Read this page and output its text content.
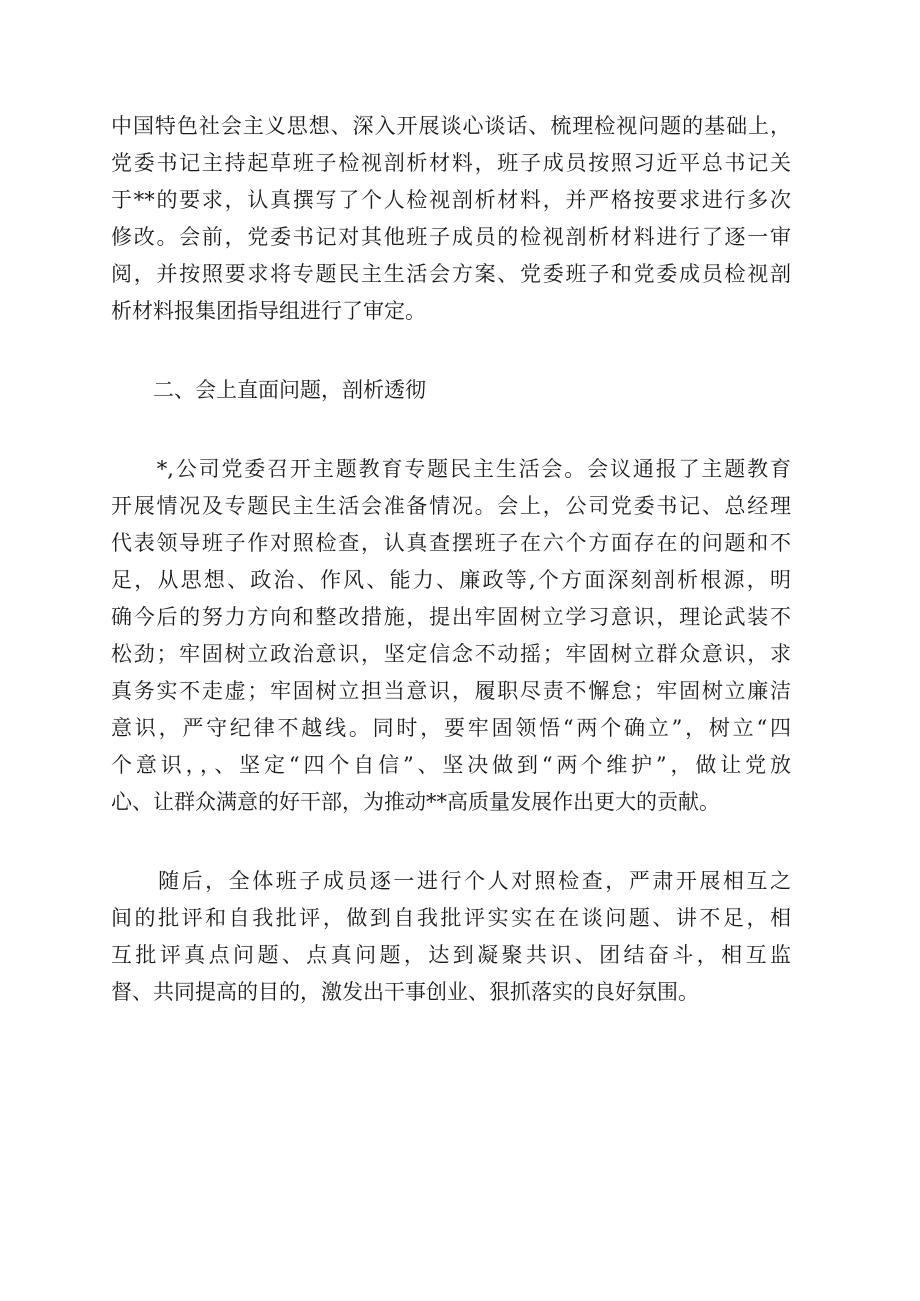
中国特色社会主义思想、深入开展谈心谈话、梳理检视问题的基础上，
党委书记主持起草班子检视剖析材料，班子成员按照习近平总书记关
于**的要求，认真撰写了个人检视剖析材料，并严格按要求进行多次
修改。会前，党委书记对其他班子成员的检视剖析材料进行了逐一审
阅，并按照要求将专题民主生活会方案、党委班子和党委成员检视剖
析材料报集团指导组进行了审定。
　　二、会上直面问题，剖析透彻
　　*,公司党委召开主题教育专题民主生活会。会议通报了主题教育
开展情况及专题民主生活会准备情况。会上，公司党委书记、总经理
代表领导班子作对照检查，认真查摆班子在六个方面存在的问题和不
足，从思想、政治、作风、能力、廉政等,个方面深刻剖析根源，明
确今后的努力方向和整改措施，提出牢固树立学习意识，理论武装不
松劲；牢固树立政治意识，坚定信念不动摇；牢固树立群众意识，求
真务实不走虚；牢固树立担当意识，履职尽责不懈怠；牢固树立廉洁
意识，严守纪律不越线。同时，要牢固领悟“两个确立”，树立“四
个意识，，、坚定“四个自信”、坚决做到“两个维护”，做让党放
心、让群众满意的好干部，为推动**高质量发展作出更大的贡献。
　　随后，全体班子成员逐一进行个人对照检查，严肃开展相互之
间的批评和自我批评，做到自我批评实实在在谈问题、讲不足，相
互批评真点问题、点真问题，达到凝聚共识、团结奋斗，相互监
督、共同提高的目的，激发出干事创业、狠抓落实的良好氛围。
